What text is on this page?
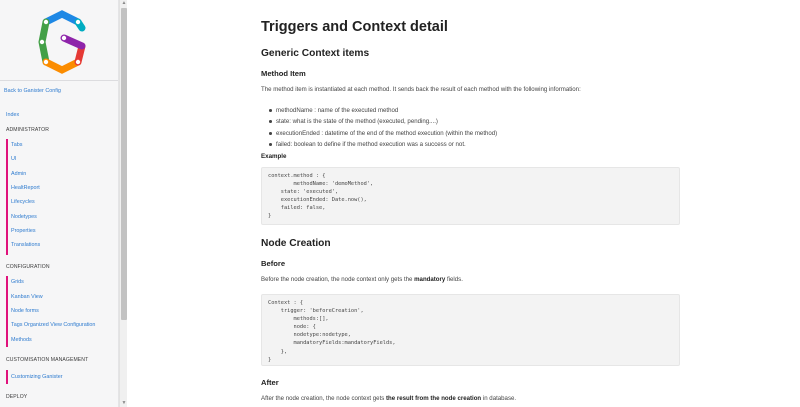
Back to Ganister Config
Index
ADMINISTRATOR
Tabs
UI
Admin
HealtReport
Lifecycles
Nodetypes
Properties
Translations
CONFIGURATION
Grids
Kanban View
Node forms
Tags Organized View Configuration
Methods
CUSTOMISATION MANAGEMENT
Customizing Ganister
DEPLOY
▲
▼
Triggers and Context detail
Generic Context items
Method Item
The method item is instantiated at each method. It sends back the result of each method with the following information:
methodName : name of the executed method
state: what is the state of the method (executed, pending....)
executionEnded : datetime of the end of the method execution (within the method)
failed: boolean to define if the method execution was a success or not.
Example
context.method : {
methodName: 'demoMethod',
state: 'executed',
executionEnded: Date.now(),
failed: false,
}
Node Creation
Before
Before the node creation, the node context only gets the mandatory fields.
Context : {
trigger: 'beforeCreation',
methods:[],
node: {
nodetype:nodetype,
mandatoryFields:mandatoryFields,
},
}
After
After the node creation, the node context gets the result from the node creation in database.
